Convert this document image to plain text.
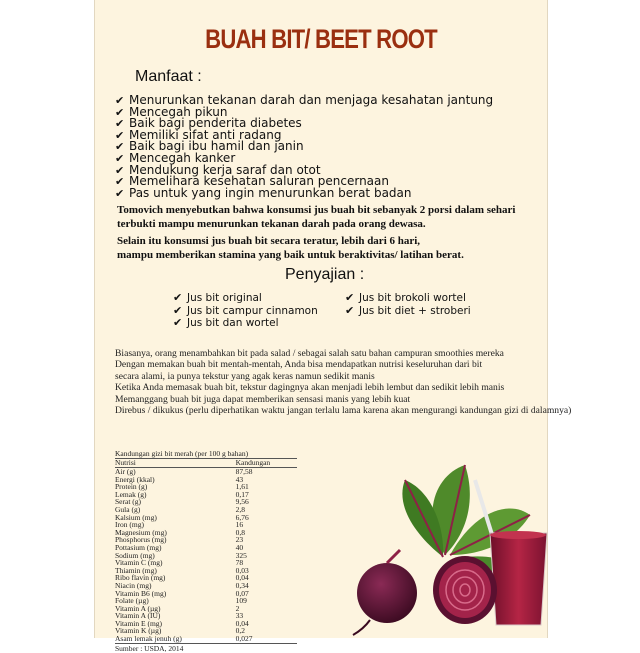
BUAH BIT/ BEET ROOT
Manfaat :
✔ Menurunkan tekanan darah dan menjaga kesahatan jantung
✔ Mencegah pikun
✔ Baik bagi penderita diabetes
✔ Memiliki sifat anti radang
✔ Baik bagi ibu hamil dan janin
✔ Mencegah kanker
✔ Mendukung kerja saraf dan otot
✔ Memelihara kesehatan saluran pencernaan
✔ Pas untuk yang ingin menurunkan berat badan

Tomovich menyebutkan bahwa konsumsi jus buah bit sebanyak 2 porsi dalam sehari

terbukti mampu menurunkan tekanan darah pada orang dewasa.

Selain itu konsumsi jus buah bit secara teratur, lebih dari 6 hari,

mampu memberikan stamina yang baik untuk beraktivitas/ latihan berat.

Penyajian :
✔ Jus bit original
✔ Jus bit campur cinnamon
✔ Jus bit dan wortel
✔ Jus bit brokoli wortel
✔ Jus bit diet + stroberi

Biasanya, orang menambahkan bit pada salad / sebagai salah satu bahan campuran smoothies mereka

Dengan memakan buah bit mentah-mentah, Anda bisa mendapatkan nutrisi keseluruhan dari bit

secara alami, ia punya tekstur yang agak keras namun sedikit manis

Ketika Anda memasak buah bit, tekstur dagingnya akan menjadi lebih lembut dan sedikit lebih manis

Memanggang buah bit juga dapat memberikan sensasi manis yang lebih kuat

Direbus / dikukus (perlu diperhatikan waktu jangan terlalu lama karena akan mengurangi kandungan gizi di dalamnya)

Kandungan gizi bit merah (per 100 g bahan)
Nutrisi	Kandungan
Air (g)	87,58
Energi (kkal)	43
Protein (g)	1,61
Lemak (g)	0,17
Serat (g)	9,56
Gula (g)	2,8
Kalsium (mg)	6,76
Iron (mg)	16
Magnesium (mg)	0,8
Phosphorus (mg)	23
Pottasium (mg)	40
Sodium (mg)	325
Vitamin C (mg)	78
Thiamin (mg)	0,03
Ribo flavin (mg)	0,04
Niacin (mg)	0,34
Vitamin B6 (mg)	0,07
Folate (µg)	109
Vitamin A (µg)	2
Vitamin A (IU)	33
Vitamin E (mg)	0,04
Vitamin K (µg)	0,2
Asam lemak jenuh (g)	0,027
Sumber : USDA, 2014
